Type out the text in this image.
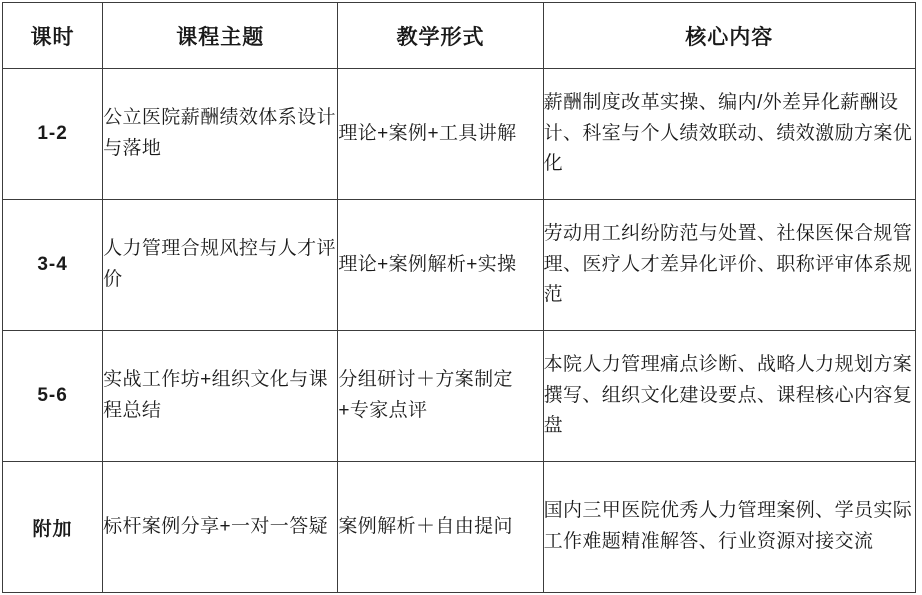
课时	课程主题	教学形式	核心内容

1-2	公立医院薪酬绩效体系设计与落地	理论+案例+工具讲解	薪酬制度改革实操、编内/外差异化薪酬设计、科室与个人绩效联动、绩效激励方案优化

3-4	人力管理合规风控与人才评价	理论+案例解析+实操	劳动用工纠纷防范与处置、社保医保合规管理、医疗人才差异化评价、职称评审体系规范

5-6	实战工作坊+组织文化与课程总结	分组研讨＋方案制定+专家点评	本院人力管理痛点诊断、战略人力规划方案撰写、组织文化建设要点、课程核心内容复盘

附加	标杆案例分享+一对一答疑	案例解析＋自由提问	国内三甲医院优秀人力管理案例、学员实际工作难题精准解答、行业资源对接交流
